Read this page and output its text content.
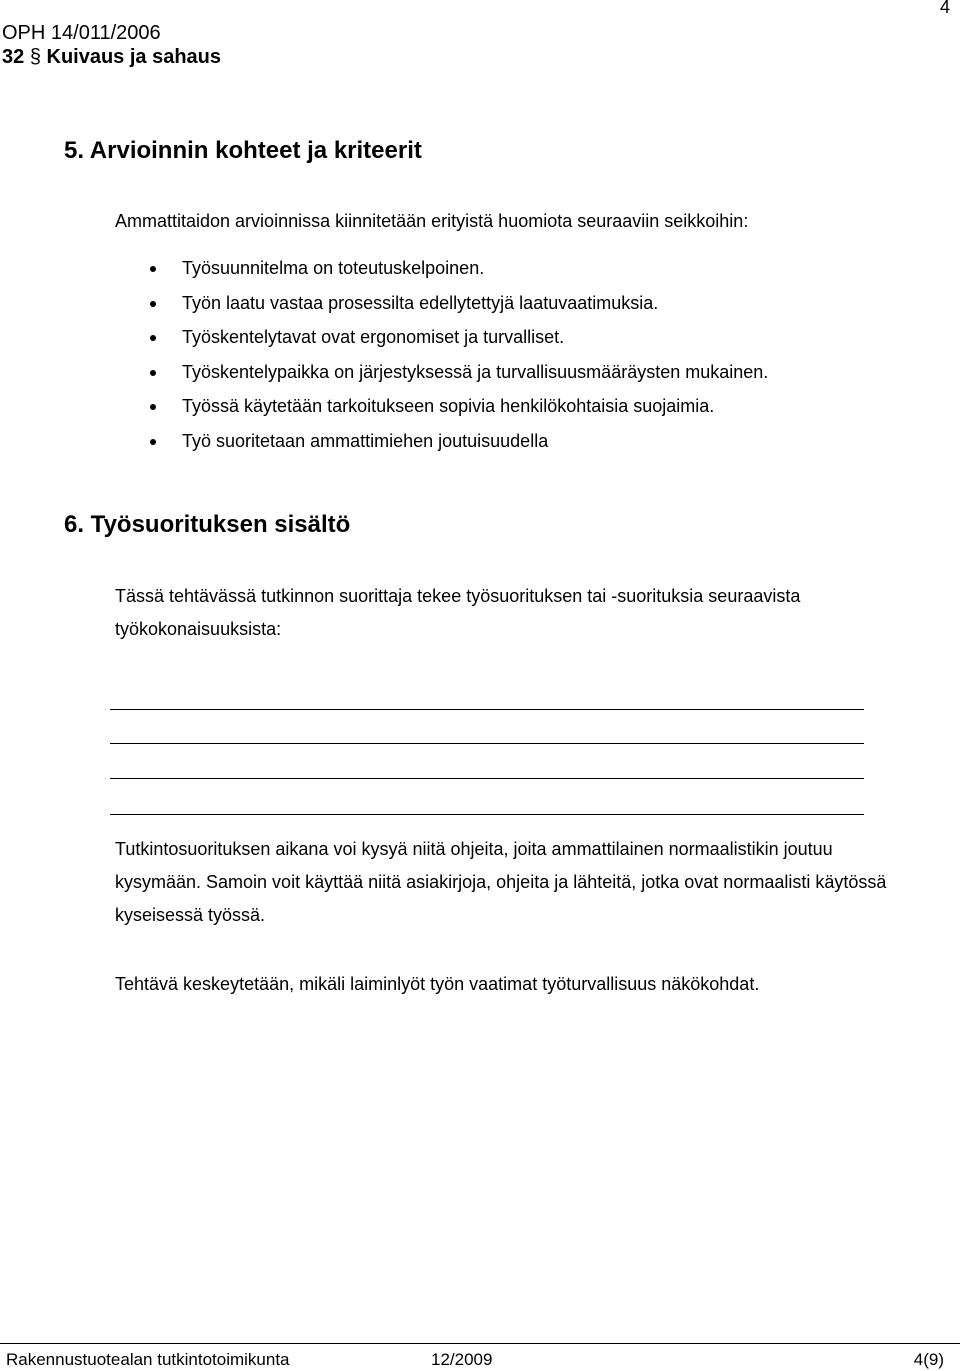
4
OPH 14/011/2006
32 § Kuivaus ja sahaus
5. Arvioinnin kohteet ja kriteerit
Ammattitaidon arvioinnissa kiinnitetään erityistä huomiota seuraaviin seikkoihin:
Työsuunnitelma on toteutuskelpoinen.
Työn laatu vastaa prosessilta edellytettyjä laatuvaatimuksia.
Työskentelytavat ovat ergonomiset ja turvalliset.
Työskentelypaikka on järjestyksessä ja turvallisuusmääräysten mukainen.
Työssä käytetään tarkoitukseen sopivia henkilökohtaisia suojaimia.
Työ suoritetaan ammattimiehen joutuisuudella
6. Työsuorituksen sisältö
Tässä tehtävässä tutkinnon suorittaja tekee työsuorituksen tai -suorituksia seuraavista
työkokonaisuuksista:
Tutkintosuorituksen aikana voi kysyä niitä ohjeita, joita ammattilainen normaalistikin joutuu
kysymään. Samoin voit käyttää niitä asiakirjoja, ohjeita ja lähteitä, jotka ovat normaalisti käytössä
kyseisessä työssä.
Tehtävä keskeytetään, mikäli laiminlyöt työn vaatimat työturvallisuus näkökohdat.
Rakennustuotealan tutkintotoimikunta	12/2009	4(9)
